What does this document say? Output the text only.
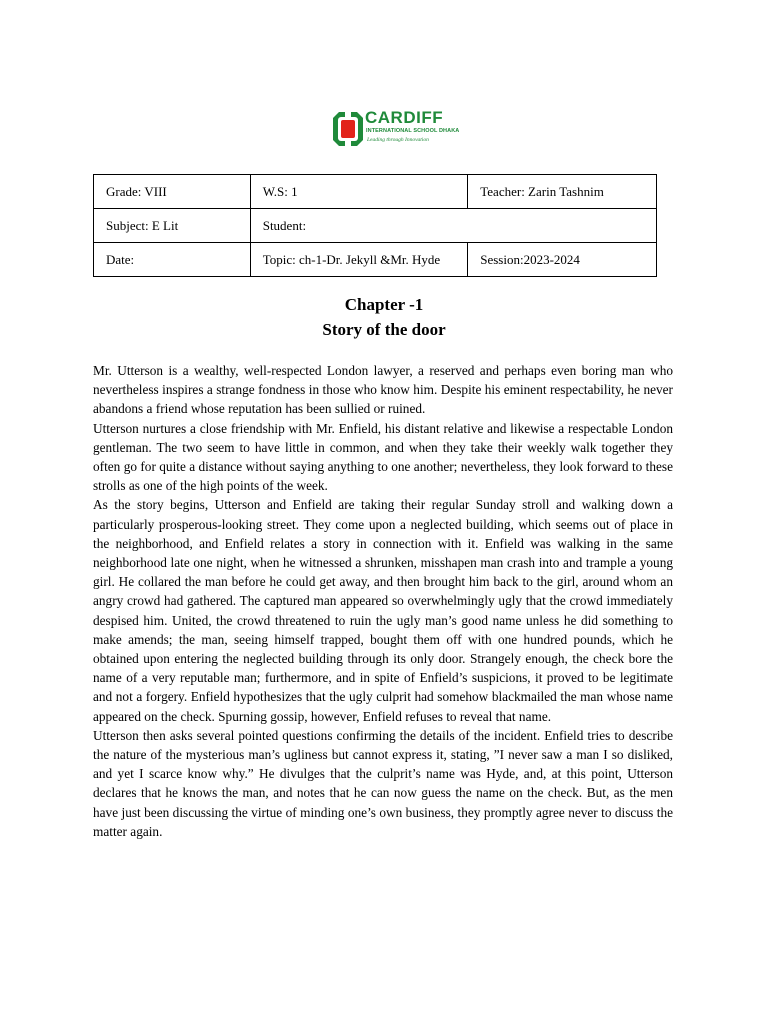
CARDIFF
INTERNATIONAL SCHOOL DHAKA
Leading through Innovation
Grade: VIII	W.S: 1	Teacher: Zarin Tashnim
Subject: E Lit	Student:	
Date:	Topic: ch-1-Dr. Jekyll &Mr. Hyde	Session:2023-2024
Chapter -1
Story of the door

Mr. Utterson is a wealthy, well-respected London lawyer, a reserved and perhaps even boring man who nevertheless inspires a strange fondness in those who know him. Despite his eminent respectability, he never abandons a friend whose reputation has been sullied or ruined.

Utterson nurtures a close friendship with Mr. Enfield, his distant relative and likewise a respectable London gentleman. The two seem to have little in common, and when they take their weekly walk together they often go for quite a distance without saying anything to one another; nevertheless, they look forward to these strolls as one of the high points of the week.

As the story begins, Utterson and Enfield are taking their regular Sunday stroll and walking down a particularly prosperous-looking street. They come upon a neglected building, which seems out of place in the neighborhood, and Enfield relates a story in connection with it. Enfield was walking in the same neighborhood late one night, when he witnessed a shrunken, misshapen man crash into and trample a young girl. He collared the man before he could get away, and then brought him back to the girl, around whom an angry crowd had gathered. The captured man appeared so overwhelmingly ugly that the crowd immediately despised him. United, the crowd threatened to ruin the ugly man’s good name unless he did something to make amends; the man, seeing himself trapped, bought them off with one hundred pounds, which he obtained upon entering the neglected building through its only door. Strangely enough, the check bore the name of a very reputable man; furthermore, and in spite of Enfield’s suspicions, it proved to be legitimate and not a forgery. Enfield hypothesizes that the ugly culprit had somehow blackmailed the man whose name appeared on the check. Spurning gossip, however, Enfield refuses to reveal that name.

Utterson then asks several pointed questions confirming the details of the incident. Enfield tries to describe the nature of the mysterious man’s ugliness but cannot express it, stating, ”I never saw a man I so disliked, and yet I scarce know why.” He divulges that the culprit’s name was Hyde, and, at this point, Utterson declares that he knows the man, and notes that he can now guess the name on the check. But, as the men have just been discussing the virtue of minding one’s own business, they promptly agree never to discuss the matter again.
